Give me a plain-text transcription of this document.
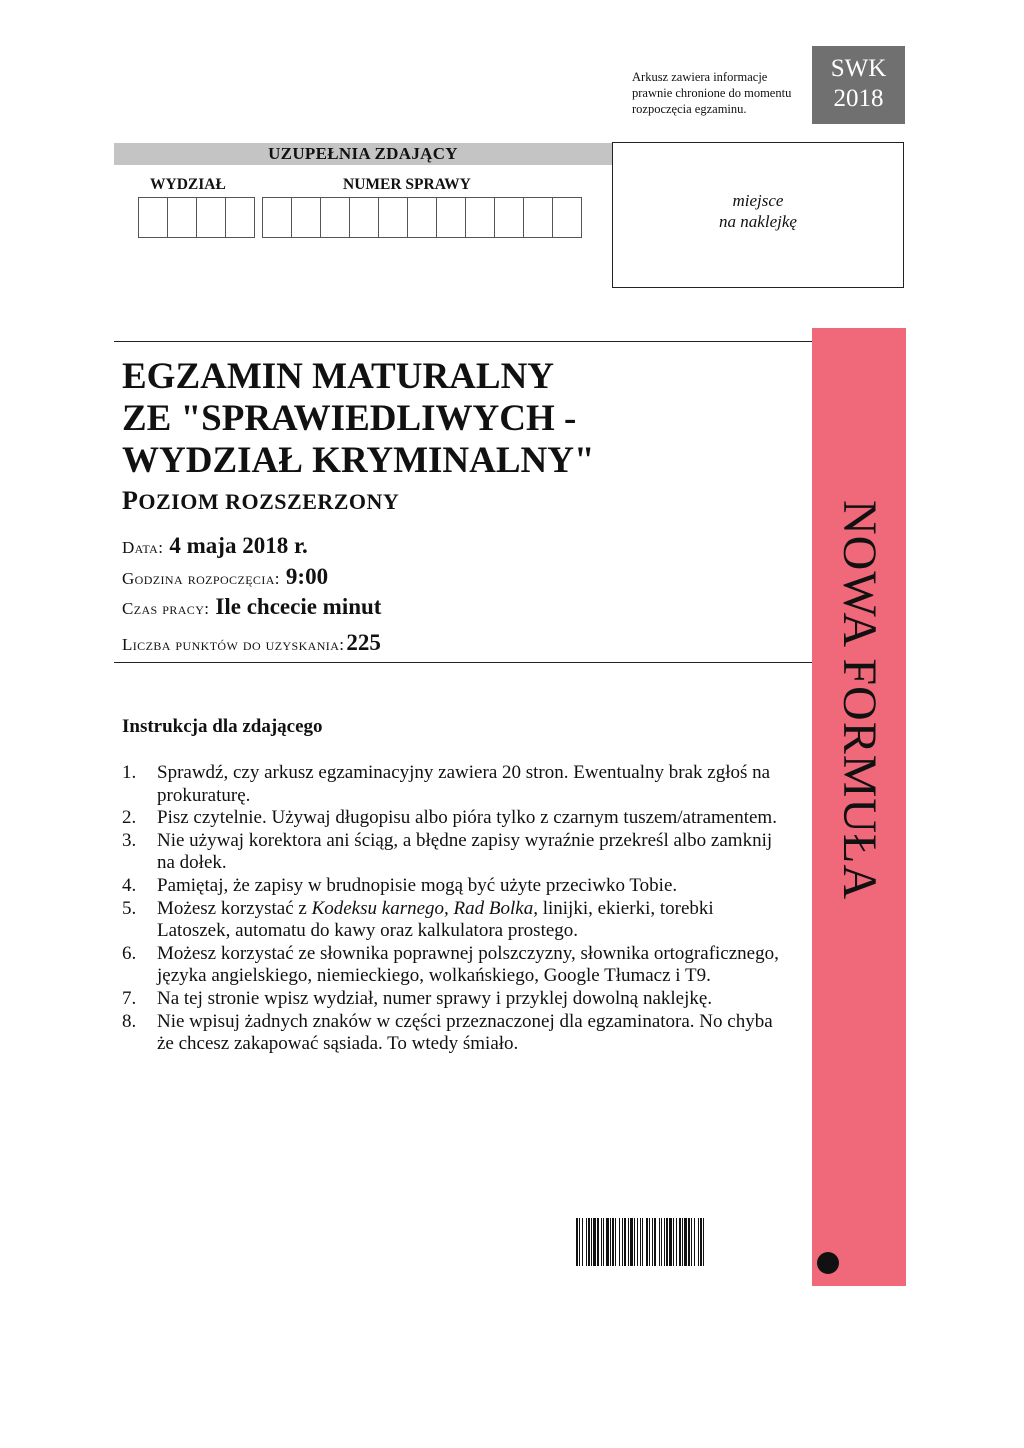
Arkusz zawiera informacje
prawnie chronione do momentu
rozpoczęcia egzaminu.
SWK
2018
UZUPEŁNIA ZDAJĄCY
WYDZIAŁ	NUMER SPRAWY
miejsce
na naklejkę
EGZAMIN MATURALNY
ZE "SPRAWIEDLIWYCH -
WYDZIAŁ KRYMINALNY"
POZIOM ROZSZERZONY
Data: 4 maja 2018 r.
Godzina rozpoczęcia: 9:00
Czas pracy: Ile chcecie minut
Liczba punktów do uzyskania:225	NOWA FORMUŁA
Instrukcja dla zdającego
1. Sprawdź, czy arkusz egzaminacyjny zawiera 20 stron. Ewentualny brak zgłoś na prokuraturę.
2. Pisz czytelnie. Używaj długopisu albo pióra tylko z czarnym tuszem/atramentem.
3. Nie używaj korektora ani ściąg, a błędne zapisy wyraźnie przekreśl albo zamknij na dołek.
4. Pamiętaj, że zapisy w brudnopisie mogą być użyte przeciwko Tobie.
5. Możesz korzystać z Kodeksu karnego, Rad Bolka, linijki, ekierki, torebki Latoszek, automatu do kawy oraz kalkulatora prostego.
6. Możesz korzystać ze słownika poprawnej polszczyzny, słownika ortograficznego, języka angielskiego, niemieckiego, wolkańskiego, Google Tłumacz i T9.
7. Na tej stronie wpisz wydział, numer sprawy i przyklej dowolną naklejkę.
8. Nie wpisuj żadnych znaków w części przeznaczonej dla egzaminatora. No chyba że chcesz zakapować sąsiada. To wtedy śmiało.
